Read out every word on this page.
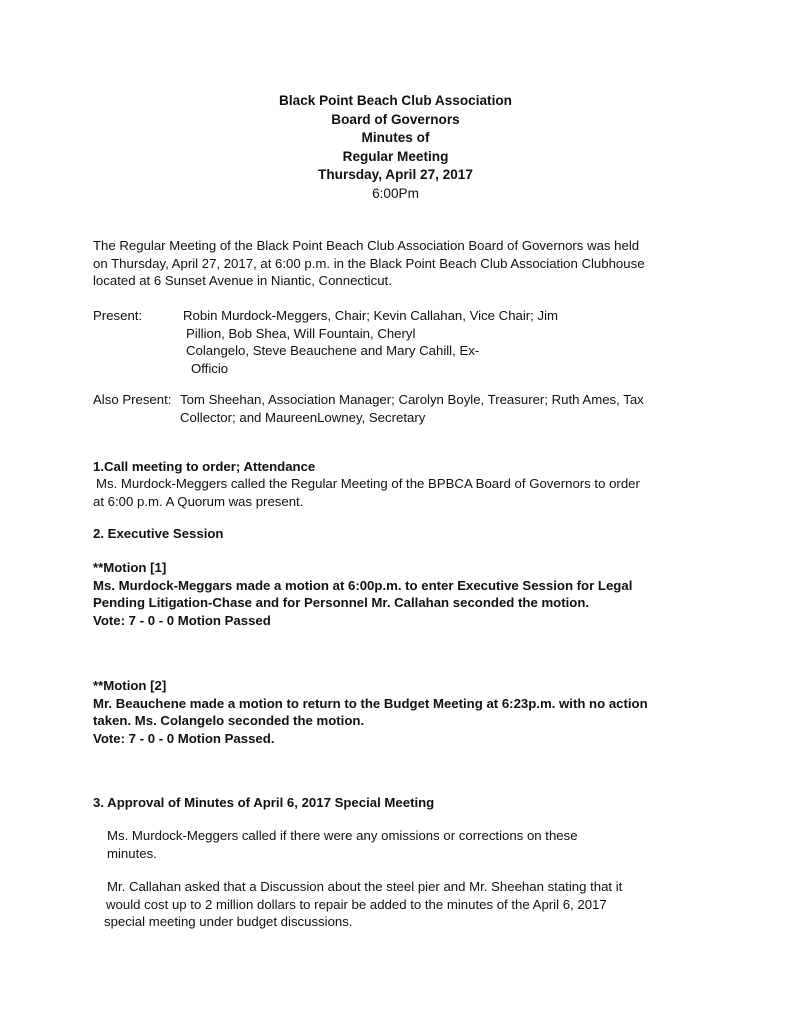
Black Point Beach Club Association
Board of Governors
Minutes of
Regular Meeting
Thursday, April 27, 2017
6:00Pm
The Regular Meeting of the Black Point Beach Club Association Board of Governors was held
on Thursday, April 27, 2017, at 6:00 p.m. in the Black Point Beach Club Association Clubhouse
located at 6 Sunset Avenue in Niantic, Connecticut.
Present:	Robin Murdock-Meggers, Chair; Kevin Callahan, Vice Chair; Jim
Pillion, Bob Shea, Will Fountain, Cheryl
Colangelo, Steve Beauchene and Mary Cahill, Ex-
Officio
Also Present: Tom Sheehan, Association Manager; Carolyn Boyle, Treasurer; Ruth Ames, Tax
Collector; and MaureenLowney, Secretary
1.Call meeting to order; Attendance
Ms. Murdock-Meggers called the Regular Meeting of the BPBCA Board of Governors to order
at 6:00 p.m. A Quorum was present.
2. Executive Session
**Motion [1]
Ms. Murdock-Meggars made a motion at 6:00p.m. to enter Executive Session for Legal
Pending Litigation-Chase and for Personnel Mr. Callahan seconded the motion.
Vote: 7 - 0 - 0 Motion Passed
**Motion [2]
Mr. Beauchene made a motion to return to the Budget Meeting at 6:23p.m. with no action
taken. Ms. Colangelo seconded the motion.
Vote: 7 - 0 - 0 Motion Passed.
3. Approval of Minutes of April 6, 2017 Special Meeting
Ms. Murdock-Meggers called if there were any omissions or corrections on these
minutes.
Mr. Callahan asked that a Discussion about the steel pier and Mr. Sheehan stating that it
would cost up to 2 million dollars to repair be added to the minutes of the April 6, 2017
special meeting under budget discussions.
